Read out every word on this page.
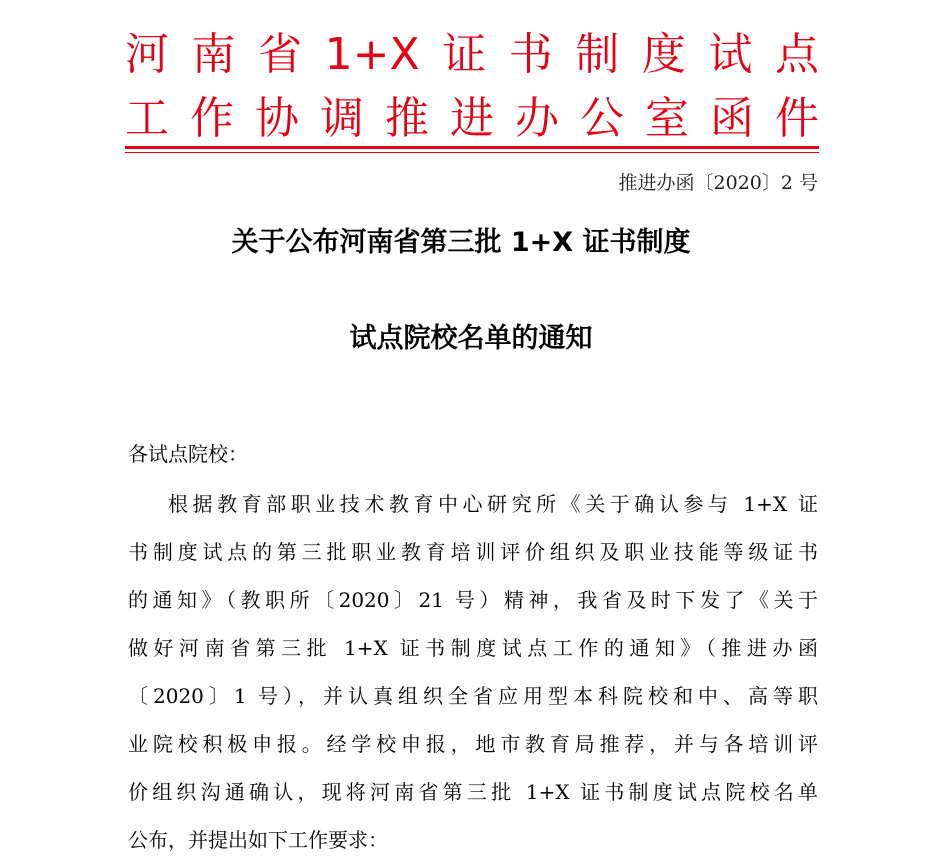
河南省1+X证书制度试点
工作协调推进办公室函件
推进办函〔2020〕2 号
关于公布河南省第三批 1+X 证书制度
试点院校名单的通知
各试点院校：
根据教育部职业技术教育中心研究所《关于确认参与 1+X 证
书制度试点的第三批职业教育培训评价组织及职业技能等级证书
的通知》（教职所〔2020〕21 号）精神，我省及时下发了《关于
做好河南省第三批 1+X 证书制度试点工作的通知》（推进办函
〔2020〕1 号），并认真组织全省应用型本科院校和中、高等职
业院校积极申报。经学校申报，地市教育局推荐，并与各培训评
价组织沟通确认，现将河南省第三批 1+X 证书制度试点院校名单
公布，并提出如下工作要求：
